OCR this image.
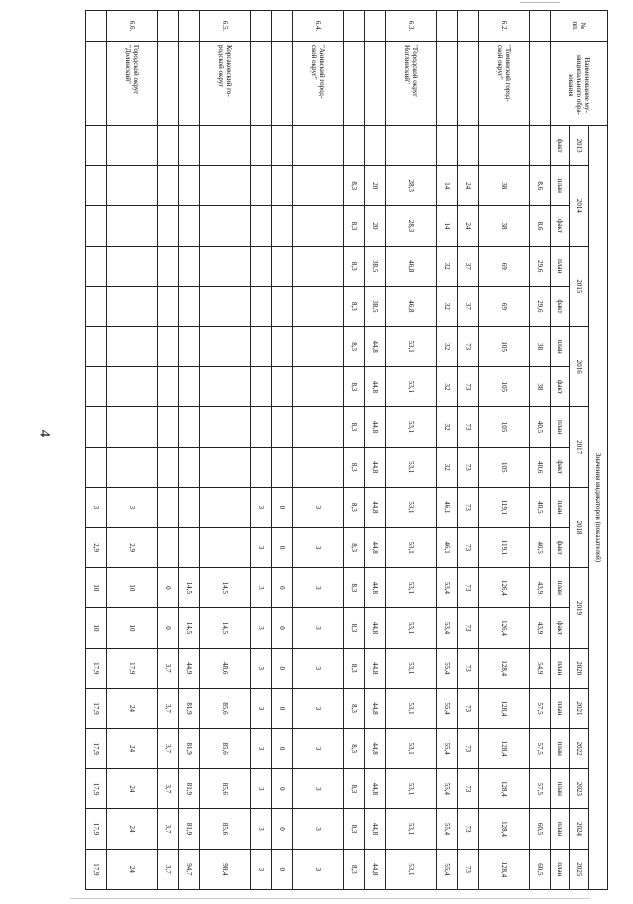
4
№
пп.	Наименование му-
ниципального обра-
зования	Значения индикаторов (показателей)																		
		2013	2014		2015		2016		2017		2018		2019		2020	2021	2022	2023	2024	2025
		факт	план	факт	план	факт	план	факт	план	факт	план	факт	план	факт	план	план	план	план	план	план
			8,6	8,6	29,6	29,6	38	38	40,5	40,6	40,5	40,5	43,9	43,9	54,9	57,5	57,5	57,5	60,5	60,5
6.2.	"Томинский город-
ской округ"		38	38	69	69	105	105	105	105	119,1	119,1	126,4	126,4	128,4	128,4	128,4	128,4	128,4	128,4
			24	24	37	37	73	73	73	73	73	73	73	73	73	73	73	73	73	73
			14	14	32	32	32	32	32	32	46,1	46,1	53,4	53,4	55,4	55,4	55,4	55,4	55,4	55,4
6.3.	"Городской округ
Ноглинский"		28,3	28,3	46,8	46,8	53,1	53,1	53,1	53,1	53,1	53,1	53,1	53,1	53,1	53,1	53,1	53,1	53,1	53,1
			20	20	38,5	38,5	44,8	44,8	44,8	44,8	44,8	44,8	44,8	44,8	44,8	44,8	44,8	44,8	44,8	44,8
			8,3	8,3	8,3	8,3	8,3	8,3	8,3	8,3	8,3	8,3	8,3	8,3	8,3	8,3	8,3	8,3	8,3	8,3
6.4.	"Анивский город-
ской округ"										3	3	3	3	3	3	3	3	3	3
											0	0	0	0	0	0	0	0	0	0
											3	3	3	3	3	3	3	3	3	3
6.5.	Корсаковский го-
родской округ												14,5	14,5	48,6	85,6	85,6	85,6	85,6	98,4
													14,5	14,5	44,9	81,9	81,9	81,9	81,9	94,7
													0	0	3,7	3,7	3,7	3,7	3,7	3,7
6.6.	Городской округ
"Долинский"										3	2,9	10	10	17,9	24	24	24	24	24
											3	2,9	10	10	17,9	17,9	17,9	17,9	17,9	17,9
